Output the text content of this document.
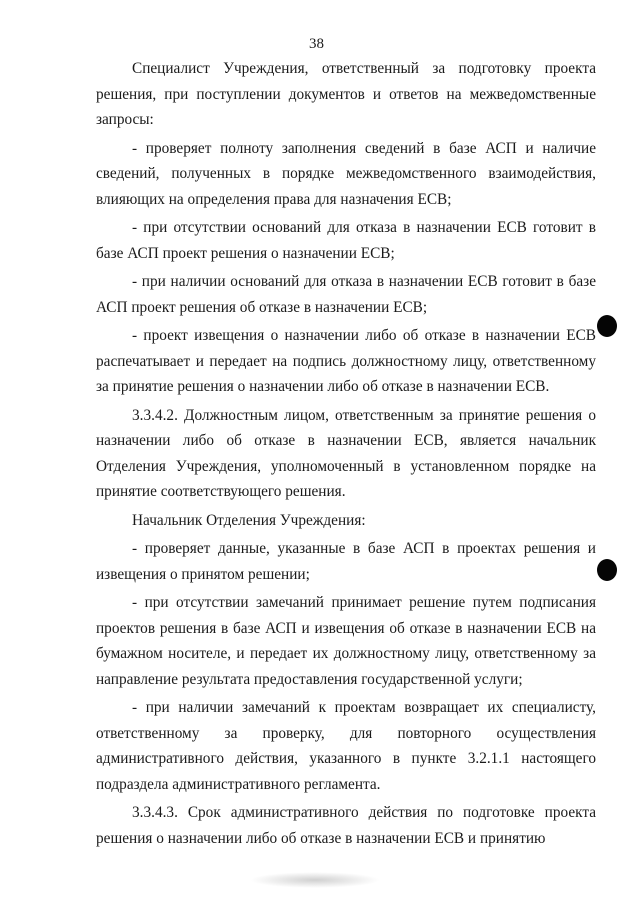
38

Специалист Учреждения, ответственный за подготовку проекта решения, при поступлении документов и ответов на межведомственные запросы:

- проверяет полноту заполнения сведений в базе АСП и наличие сведений, полученных в порядке межведомственного взаимодействия, влияющих на определения права для назначения ЕСВ;

- при отсутствии оснований для отказа в назначении ЕСВ готовит в базе АСП проект решения о назначении ЕСВ;

- при наличии оснований для отказа в назначении ЕСВ готовит в базе АСП проект решения об отказе в назначении ЕСВ;

- проект извещения о назначении либо об отказе в назначении ЕСВ распечатывает и передает на подпись должностному лицу, ответственному за принятие решения о назначении либо об отказе в назначении ЕСВ.

3.3.4.2. Должностным лицом, ответственным за принятие решения о назначении либо об отказе в назначении ЕСВ, является начальник Отделения Учреждения, уполномоченный в установленном порядке на принятие соответствующего решения.

Начальник Отделения Учреждения:

- проверяет данные, указанные в базе АСП в проектах решения и извещения о принятом решении;

- при отсутствии замечаний принимает решение путем подписания проектов решения в базе АСП и извещения об отказе в назначении ЕСВ на бумажном носителе, и передает их должностному лицу, ответственному за направление результата предоставления государственной услуги;

- при наличии замечаний к проектам возвращает их специалисту, ответственному за проверку, для повторного осуществления административного действия, указанного в пункте 3.2.1.1 настоящего подраздела административного регламента.

3.3.4.3. Срок административного действия по подготовке проекта решения о назначении либо об отказе в назначении ЕСВ и принятию
